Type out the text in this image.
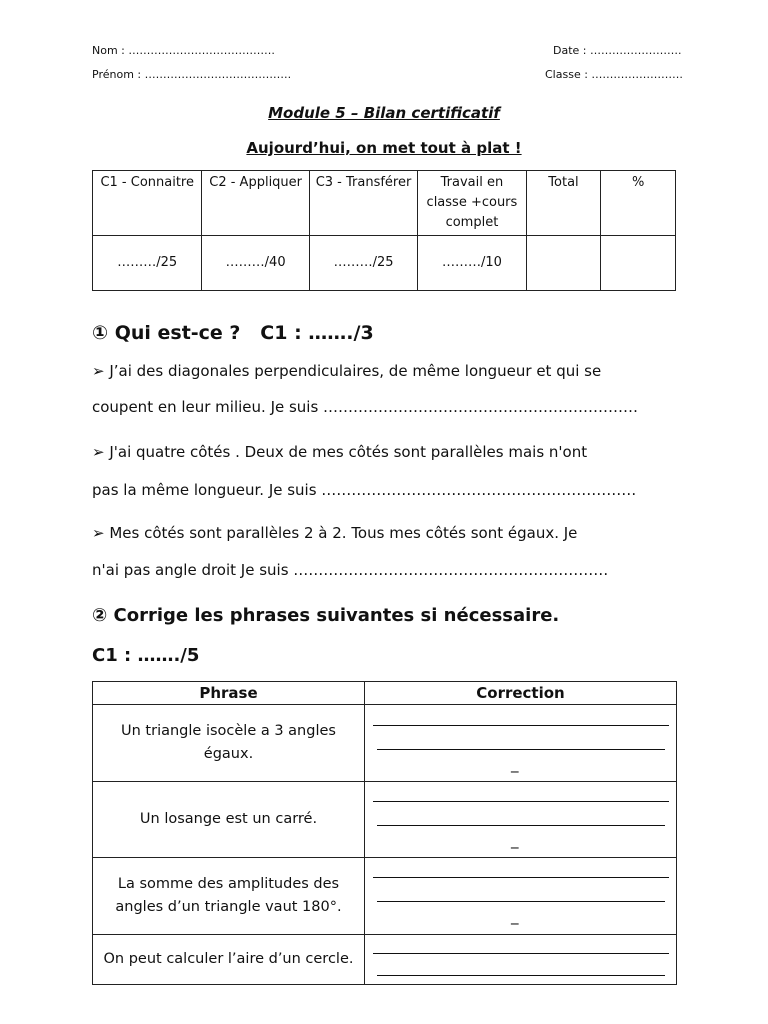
Nom : ………………………………….	Date : …………………….
Prénom : ………………………………….	Classe : …………………….
Module 5 – Bilan certificatif
Aujourd’hui, on met tout à plat !
C1 - Connaitre	C2 - Appliquer	C3 - Transférer	Travail en classe +cours complet	Total	%
………/25	………/40	………/25	………/10		
① Qui est-ce ?   C1 : ……./3
➢ J’ai des diagonales perpendiculaires, de même longueur et qui se
coupent en leur milieu. Je suis ………………………………………………………
➢ J'ai quatre côtés . Deux de mes côtés sont parallèles mais n'ont
pas la même longueur. Je suis ………………………………………………………
➢ Mes côtés sont parallèles 2 à 2. Tous mes côtés sont égaux. Je
n'ai pas angle droit Je suis ………………………………………………………
② Corrige les phrases suivantes si nécessaire.
C1 : ……./5
Phrase	Correction
Un triangle isocèle a 3 angles égaux.	_

Un losange est un carré.	_

La somme des amplitudes des angles d’un triangle vaut 180°.	_

On peut calculer l’aire d’un cercle.	
